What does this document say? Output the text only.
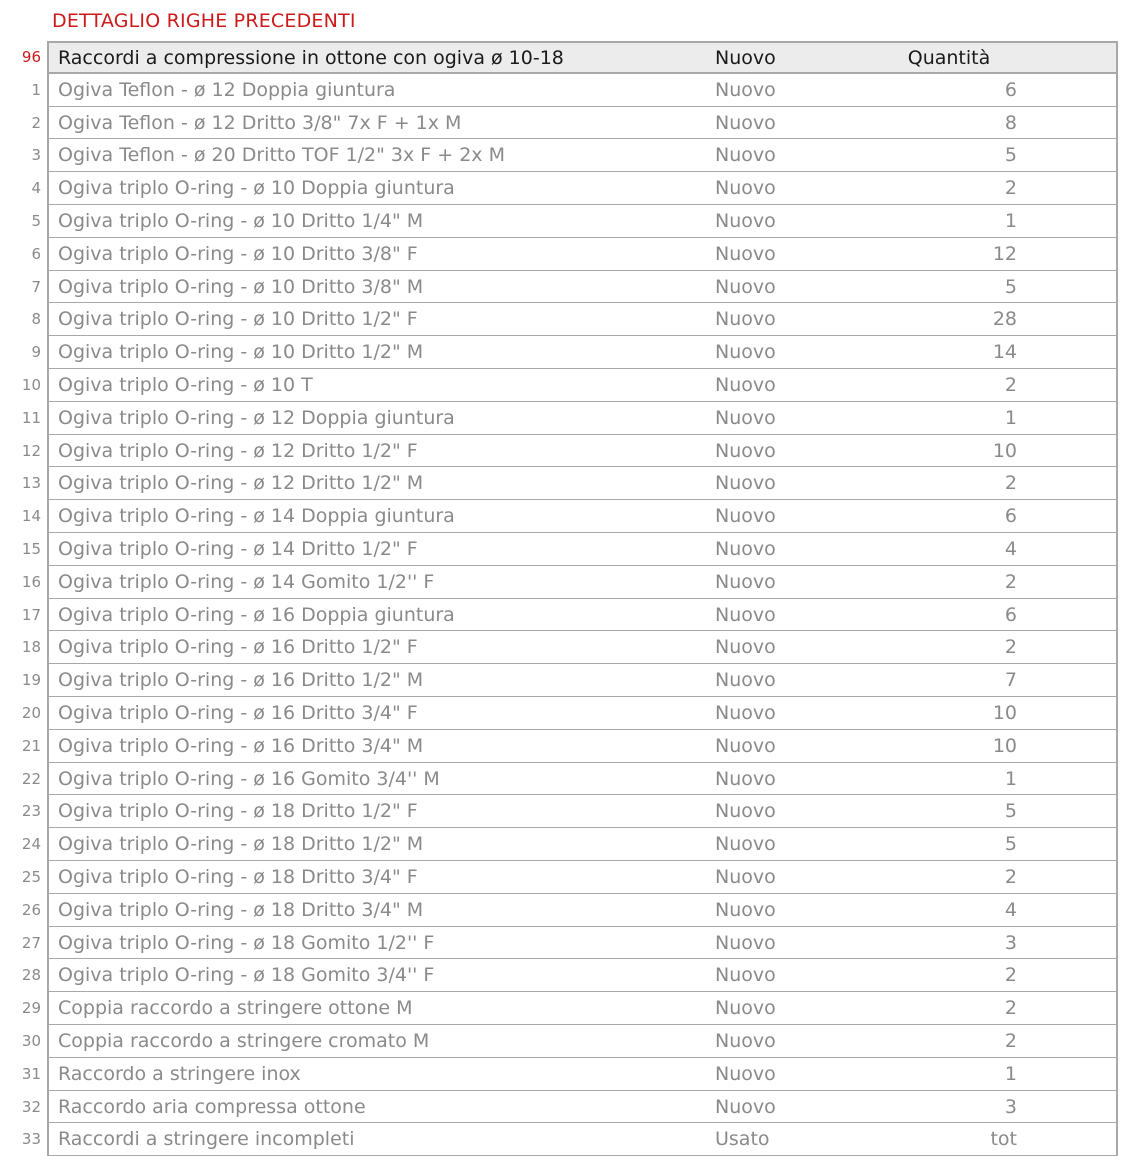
DETTAGLIO RIGHE PRECEDENTI
96 Raccordi a compressione in ottone con ogiva ø 10-18	Nuovo	Quantità
1 Ogiva Teflon - ø 12 Doppia giuntura	Nuovo	6
2 Ogiva Teflon - ø 12 Dritto 3/8" 7x F + 1x M	Nuovo	8
3 Ogiva Teflon - ø 20 Dritto TOF 1/2" 3x F + 2x M	Nuovo	5
4 Ogiva triplo O-ring - ø 10 Doppia giuntura	Nuovo	2
5 Ogiva triplo O-ring - ø 10 Dritto 1/4" M	Nuovo	1
6 Ogiva triplo O-ring - ø 10 Dritto 3/8" F	Nuovo	12
7 Ogiva triplo O-ring - ø 10 Dritto 3/8" M	Nuovo	5
8 Ogiva triplo O-ring - ø 10 Dritto 1/2" F	Nuovo	28
9 Ogiva triplo O-ring - ø 10 Dritto 1/2" M	Nuovo	14
10 Ogiva triplo O-ring - ø 10 T	Nuovo	2
11 Ogiva triplo O-ring - ø 12 Doppia giuntura	Nuovo	1
12 Ogiva triplo O-ring - ø 12 Dritto 1/2" F	Nuovo	10
13 Ogiva triplo O-ring - ø 12 Dritto 1/2" M	Nuovo	2
14 Ogiva triplo O-ring - ø 14 Doppia giuntura	Nuovo	6
15 Ogiva triplo O-ring - ø 14 Dritto 1/2" F	Nuovo	4
16 Ogiva triplo O-ring - ø 14 Gomito 1/2'' F	Nuovo	2
17 Ogiva triplo O-ring - ø 16 Doppia giuntura	Nuovo	6
18 Ogiva triplo O-ring - ø 16 Dritto 1/2" F	Nuovo	2
19 Ogiva triplo O-ring - ø 16 Dritto 1/2" M	Nuovo	7
20 Ogiva triplo O-ring - ø 16 Dritto 3/4" F	Nuovo	10
21 Ogiva triplo O-ring - ø 16 Dritto 3/4" M	Nuovo	10
22 Ogiva triplo O-ring - ø 16 Gomito 3/4'' M	Nuovo	1
23 Ogiva triplo O-ring - ø 18 Dritto 1/2" F	Nuovo	5
24 Ogiva triplo O-ring - ø 18 Dritto 1/2" M	Nuovo	5
25 Ogiva triplo O-ring - ø 18 Dritto 3/4" F	Nuovo	2
26 Ogiva triplo O-ring - ø 18 Dritto 3/4" M	Nuovo	4
27 Ogiva triplo O-ring - ø 18 Gomito 1/2'' F	Nuovo	3
28 Ogiva triplo O-ring - ø 18 Gomito 3/4'' F	Nuovo	2
29 Coppia raccordo a stringere ottone M	Nuovo	2
30 Coppia raccordo a stringere cromato M	Nuovo	2
31 Raccordo a stringere inox	Nuovo	1
32 Raccordo aria compressa ottone	Nuovo	3
33 Raccordi a stringere incompleti	Usato	tot
